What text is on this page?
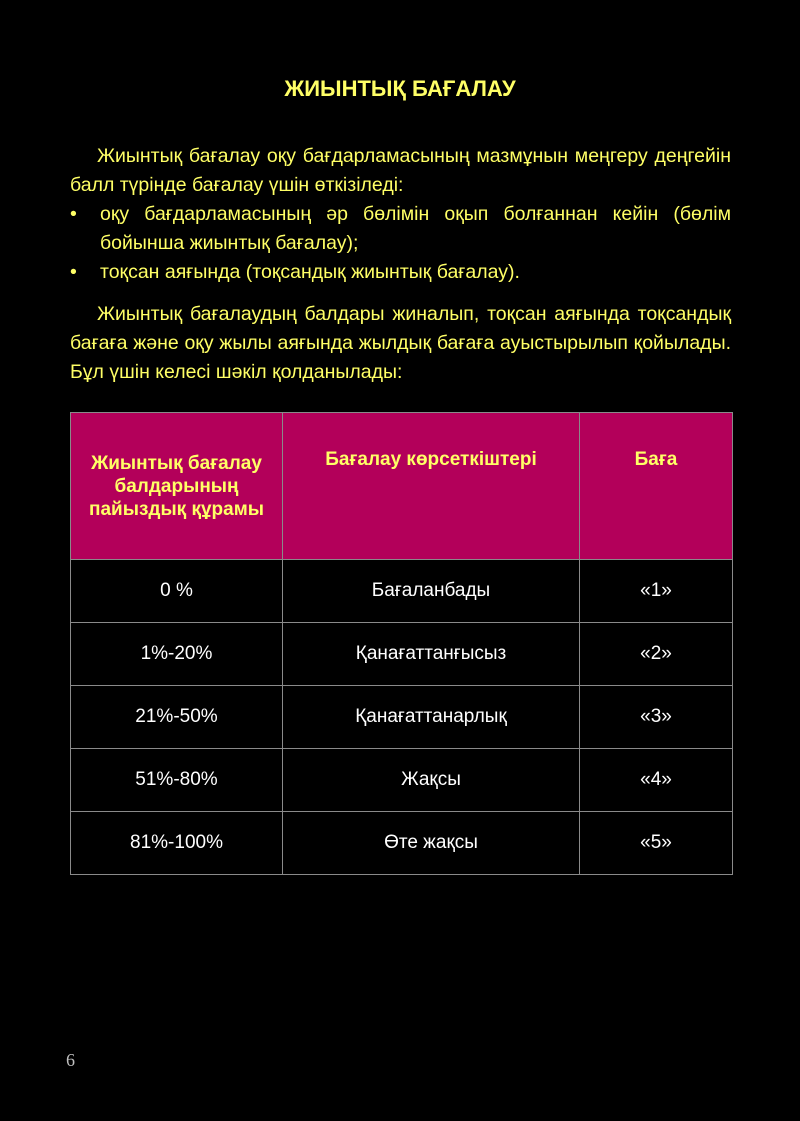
ЖИЫНТЫҚ БАҒАЛАУ
Жиынтық бағалау оқу бағдарламасының мазмұнын меңгеру деңгейін балл түрінде бағалау үшін өткізіледі:
• оқу бағдарламасының әр бөлімін оқып болғаннан кейін (бөлім бойынша жиынтық бағалау);
• тоқсан аяғында (тоқсандық жиынтық бағалау).
Жиынтық бағалаудың балдары жиналып, тоқсан аяғында тоқсандық бағаға және оқу жылы аяғында жылдық бағаға ауыстырылып қойылады. Бұл үшін келесі шәкіл қолданылады:
Жиынтық бағалау балдарының пайыздық құрамы	Бағалау көрсеткіштері	Баға

0 %	Бағаланбады	«1»
1%-20%	Қанағаттанғысыз	«2»
21%-50%	Қанағаттанарлық	«3»
51%-80%	Жақсы	«4»
81%-100%	Өте жақсы	«5»
6
